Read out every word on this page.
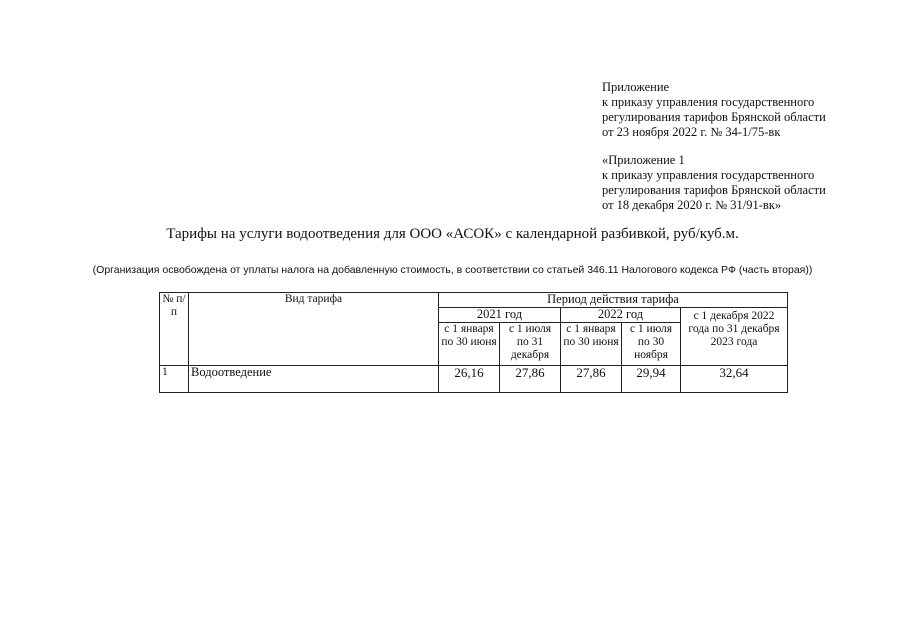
Приложение
к приказу управления государственного
регулирования тарифов Брянской области
от 23 ноября 2022 г. № 34-1/75-вк
«Приложение 1
к приказу управления государственного
регулирования тарифов Брянской области
от 18 декабря 2020 г. № 31/91-вк»
Тарифы на услуги водоотведения для ООО «АСОК» с календарной разбивкой, руб/куб.м.
(Организация освобождена от уплаты налога на добавленную стоимость, в соответствии со статьей 346.11 Налогового кодекса РФ (часть вторая))
№ п/п	Вид тарифа	Период действия тарифа				
		2021 год		2022 год		с 1 декабря 2022 года по 31 декабря 2023 года
		с 1 января по 30 июня	с 1 июля по 31 декабря	с 1 января по 30 июня	с 1 июля по 30 ноября	
1	Водоотведение	26,16	27,86	27,86	29,94	32,64
